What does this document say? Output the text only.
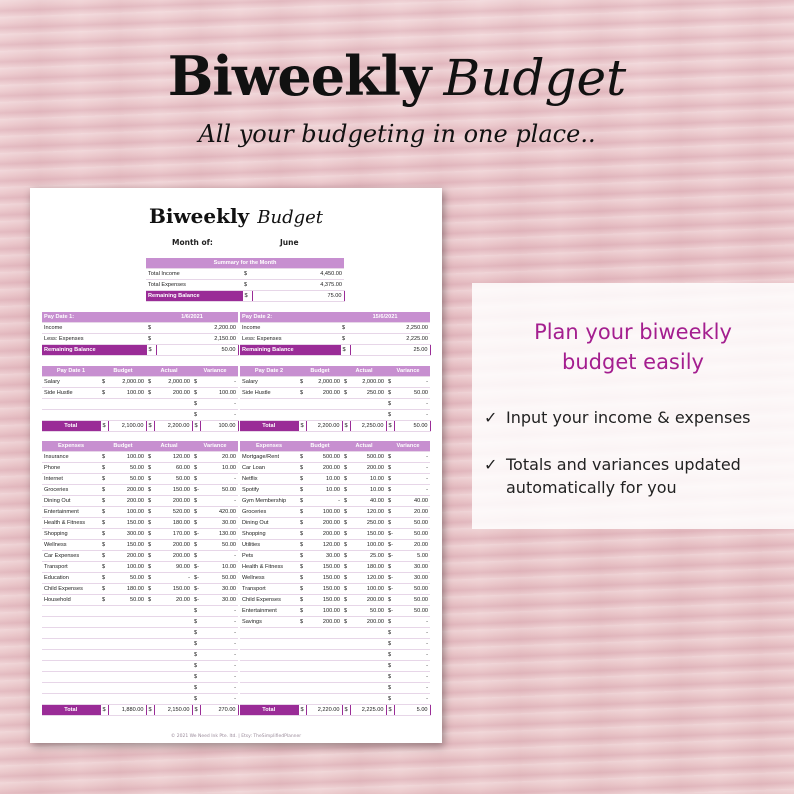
Biweekly Budget
All your budgeting in one place..
Biweekly Budget
Month of:	June
Summary for the Month		
Total Income	$	4,450.00
Total Expenses	$	4,375.00
Remaining Balance	$	75.00
Pay Date 1:	1/6/2021	
Income	$	2,200.00
Less: Expenses	$	2,150.00
Remaining Balance	$	50.00
Pay Date 2:	15/6/2021	
Income	$	2,250.00
Less: Expenses	$	2,225.00
Remaining Balance	$	25.00
Pay Date 1	Budget		Actual		Variance	
Salary	$	2,000.00	$	2,000.00	$	-
Side Hustle	$	100.00	$	200.00	$	100.00
					$	-
					$	-
Total	$	2,100.00	$	2,200.00	$	100.00
Pay Date 2	Budget		Actual		Variance	
Salary	$	2,000.00	$	2,000.00	$	-
Side Hustle	$	200.00	$	250.00	$	50.00
					$	-
					$	-
Total	$	2,200.00	$	2,250.00	$	50.00
Expenses	Budget		Actual		Variance	
Insurance	$	100.00	$	120.00	$	20.00
Phone	$	50.00	$	60.00	$	10.00
Internet	$	50.00	$	50.00	$	-
Groceries	$	200.00	$	150.00	$-	50.00
Dining Out	$	200.00	$	200.00	$	-
Entertainment	$	100.00	$	520.00	$	420.00
Health & Fitness	$	150.00	$	180.00	$	30.00
Shopping	$	300.00	$	170.00	$-	130.00
Wellness	$	150.00	$	200.00	$	50.00
Car Expenses	$	200.00	$	200.00	$	-
Transport	$	100.00	$	90.00	$-	10.00
Education	$	50.00	$	-	$-	50.00
Child Expenses	$	180.00	$	150.00	$-	30.00
Household	$	50.00	$	20.00	$-	30.00
					$	-
					$	-
					$	-
					$	-
					$	-
					$	-
					$	-
					$	-
					$	-
Total	$	1,880.00	$	2,150.00	$	270.00
Expenses	Budget		Actual		Variance	
Mortgage/Rent	$	500.00	$	500.00	$	-
Car Loan	$	200.00	$	200.00	$	-
Netflix	$	10.00	$	10.00	$	-
Spotify	$	10.00	$	10.00	$	-
Gym Membership	$	-	$	40.00	$	40.00
Groceries	$	100.00	$	120.00	$	20.00
Dining Out	$	200.00	$	250.00	$	50.00
Shopping	$	200.00	$	150.00	$-	50.00
Utilities	$	120.00	$	100.00	$-	20.00
Pets	$	30.00	$	25.00	$-	5.00
Health & Fitness	$	150.00	$	180.00	$	30.00
Wellness	$	150.00	$	120.00	$-	30.00
Transport	$	150.00	$	100.00	$-	50.00
Child Expenses	$	150.00	$	200.00	$	50.00
Entertainment	$	100.00	$	50.00	$-	50.00
Savings	$	200.00	$	200.00	$	-
					$	-
					$	-
					$	-
					$	-
					$	-
					$	-
					$	-
Total	$	2,220.00	$	2,225.00	$	5.00
© 2021 We Need Ink Pte. ltd. | Etsy: TheSimplifiedPlanner
Plan your biweekly
budget easily
✓ Input your income & expenses
✓ Totals and variances updated automatically for you
